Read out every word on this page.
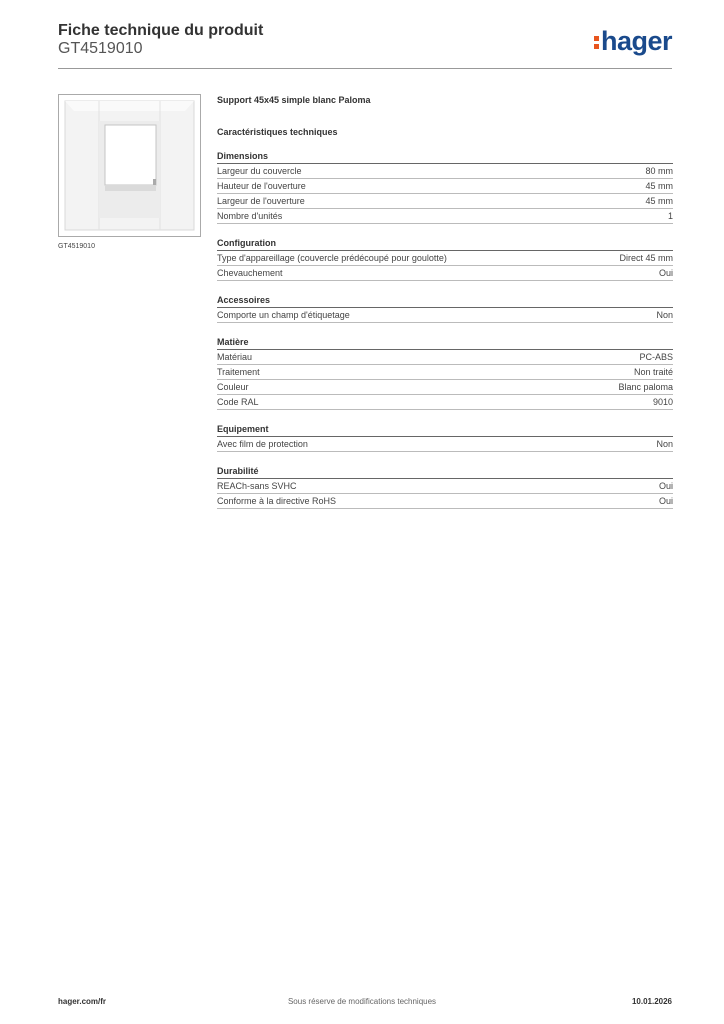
Fiche technique du produit
GT4519010	hager
GT4519010
Support 45x45 simple blanc Paloma
Caractéristiques techniques
Dimensions
Largeur du couvercle	80 mm
Hauteur de l'ouverture	45 mm
Largeur de l'ouverture	45 mm
Nombre d'unités	1
Configuration
Type d'appareillage (couvercle prédécoupé pour goulotte)	Direct 45 mm
Chevauchement	Oui
Accessoires
Comporte un champ d'étiquetage	Non
Matière
Matériau	PC-ABS
Traitement	Non traité
Couleur	Blanc paloma
Code RAL	9010
Equipement
Avec film de protection	Non
Durabilité
REACh-sans SVHC	Oui
Conforme à la directive RoHS	Oui
hager.com/fr	Sous réserve de modifications techniques	10.01.2026
